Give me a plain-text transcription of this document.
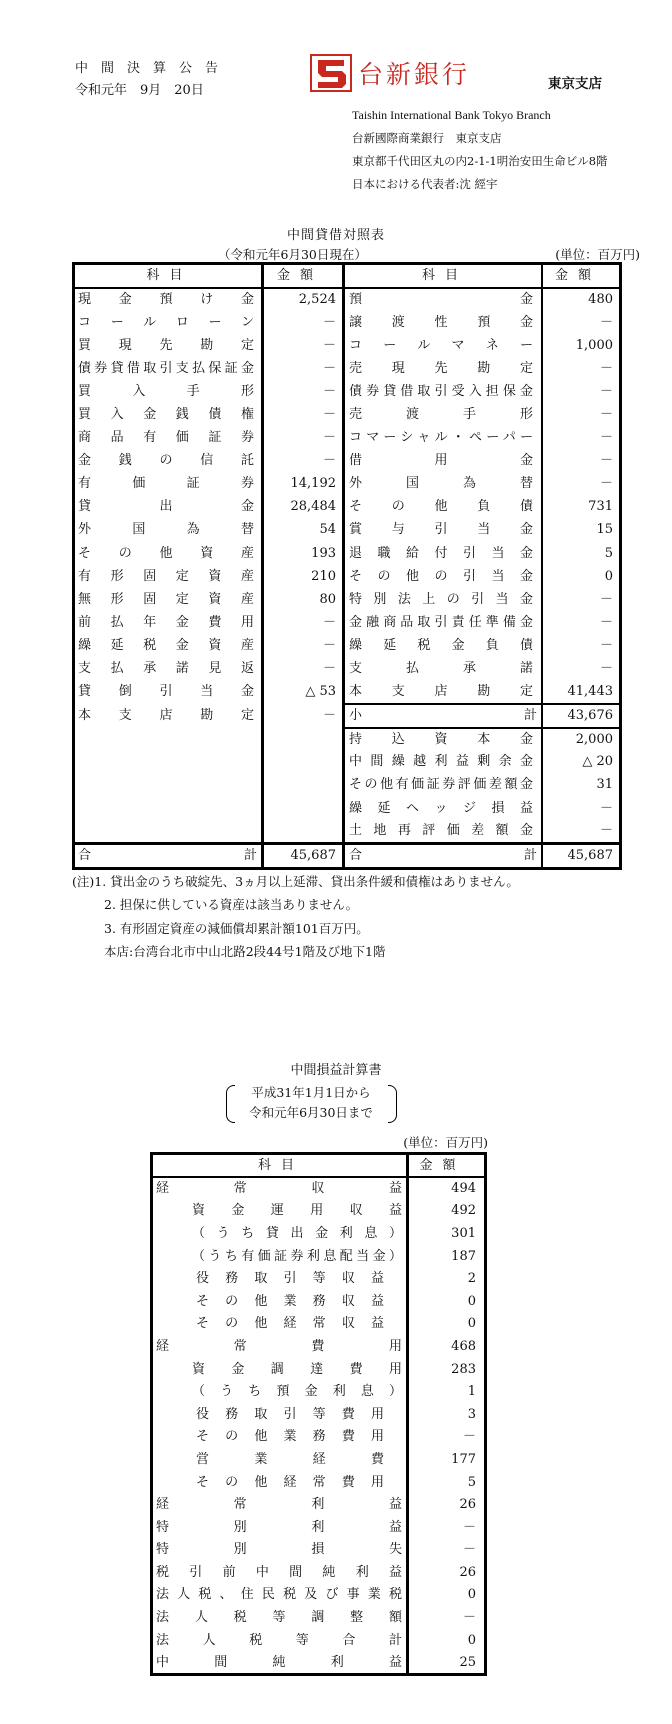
中間決算公告
令和元年　9月　20日
台新銀行	東京支店
Taishin International Bank Tokyo Branch
台新國際商業銀行　東京支店
東京都千代田区丸の内2-1-1明治安田生命ビル8階
日本における代表者:沈 經宇
中間貸借対照表
（令和元年6月30日現在）	(単位：百万円)
科目	金額	科目	金額

現金預け金	2,524	預金	480

コールローン	－	譲渡性預金	－

買現先勘定	－	コールマネー	1,000

債券貸借取引支払保証金	－	売現先勘定	－

買入手形	－	債券貸借取引受入担保金	－

買入金銭債権	－	売渡手形	－

商品有価証券	－	コマーシャル・ペーパー	－

金銭の信託	－	借用金	－

有価証券	14,192	外国為替	－

貸出金	28,484	その他負債	731

外国為替	54	賞与引当金	15

その他資産	193	退職給付引当金	5

有形固定資産	210	その他の引当金	0

無形固定資産	80	特別法上の引当金	－

前払年金費用	－	金融商品取引責任準備金	－

繰延税金資産	－	繰延税金負債	－

支払承諾見返	－	支払承諾	－

貸倒引当金	△ 53	本支店勘定	41,443

本支店勘定	－	小 計	43,676

		持込資本金	2,000

		中間繰越利益剰余金	△ 20

		その他有価証券評価差額金	31

		繰延ヘッジ損益	－

		土地再評価差額金	－

合 計	45,687	合 計	45,687
(注)1. 貸出金のうち破綻先、3ヵ月以上延滞、貸出条件緩和債権はありません。
2. 担保に供している資産は該当ありません。
3. 有形固定資産の減価償却累計額101百万円。
本店:台湾台北市中山北路2段44号1階及び地下1階
中間損益計算書
平成31年1月1日から
令和元年6月30日まで
(単位：百万円)
科目	金額

経常収益	494

資金運用収益	492

（うち貸出金利息）	301

（うち有価証券利息配当金）	187

役務取引等収益	2

その他業務収益	0

その他経常収益	0

経常費用	468

資金調達費用	283

（うち預金利息）	1

役務取引等費用	3

その他業務費用	－

営業経費	177

その他経常費用	5

経常利益	26

特別利益	－

特別損失	－

税引前中間純利益	26

法人税、住民税及び事業税	0

法人税等調整額	－

法人税等合計	0

中間純利益	25
